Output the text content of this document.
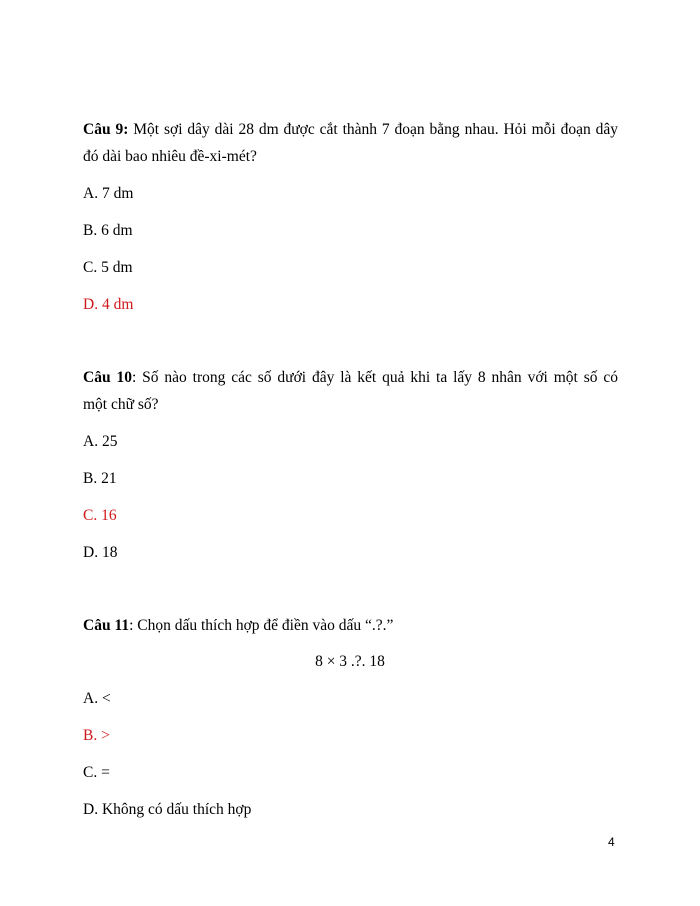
Câu 9: Một sợi dây dài 28 dm được cắt thành 7 đoạn bằng nhau. Hỏi mỗi đoạn dây
đó dài bao nhiêu đề-xi-mét?
A. 7 dm
B. 6 dm
C. 5 dm
D. 4 dm
Câu 10: Số nào trong các số dưới đây là kết quả khi ta lấy 8 nhân với một số có
một chữ số?
A. 25
B. 21
C. 16
D. 18
Câu 11: Chọn dấu thích hợp để điền vào dấu “.?.”
8 × 3 .?. 18
A. <
B. >
C. =
D. Không có dấu thích hợp
4
